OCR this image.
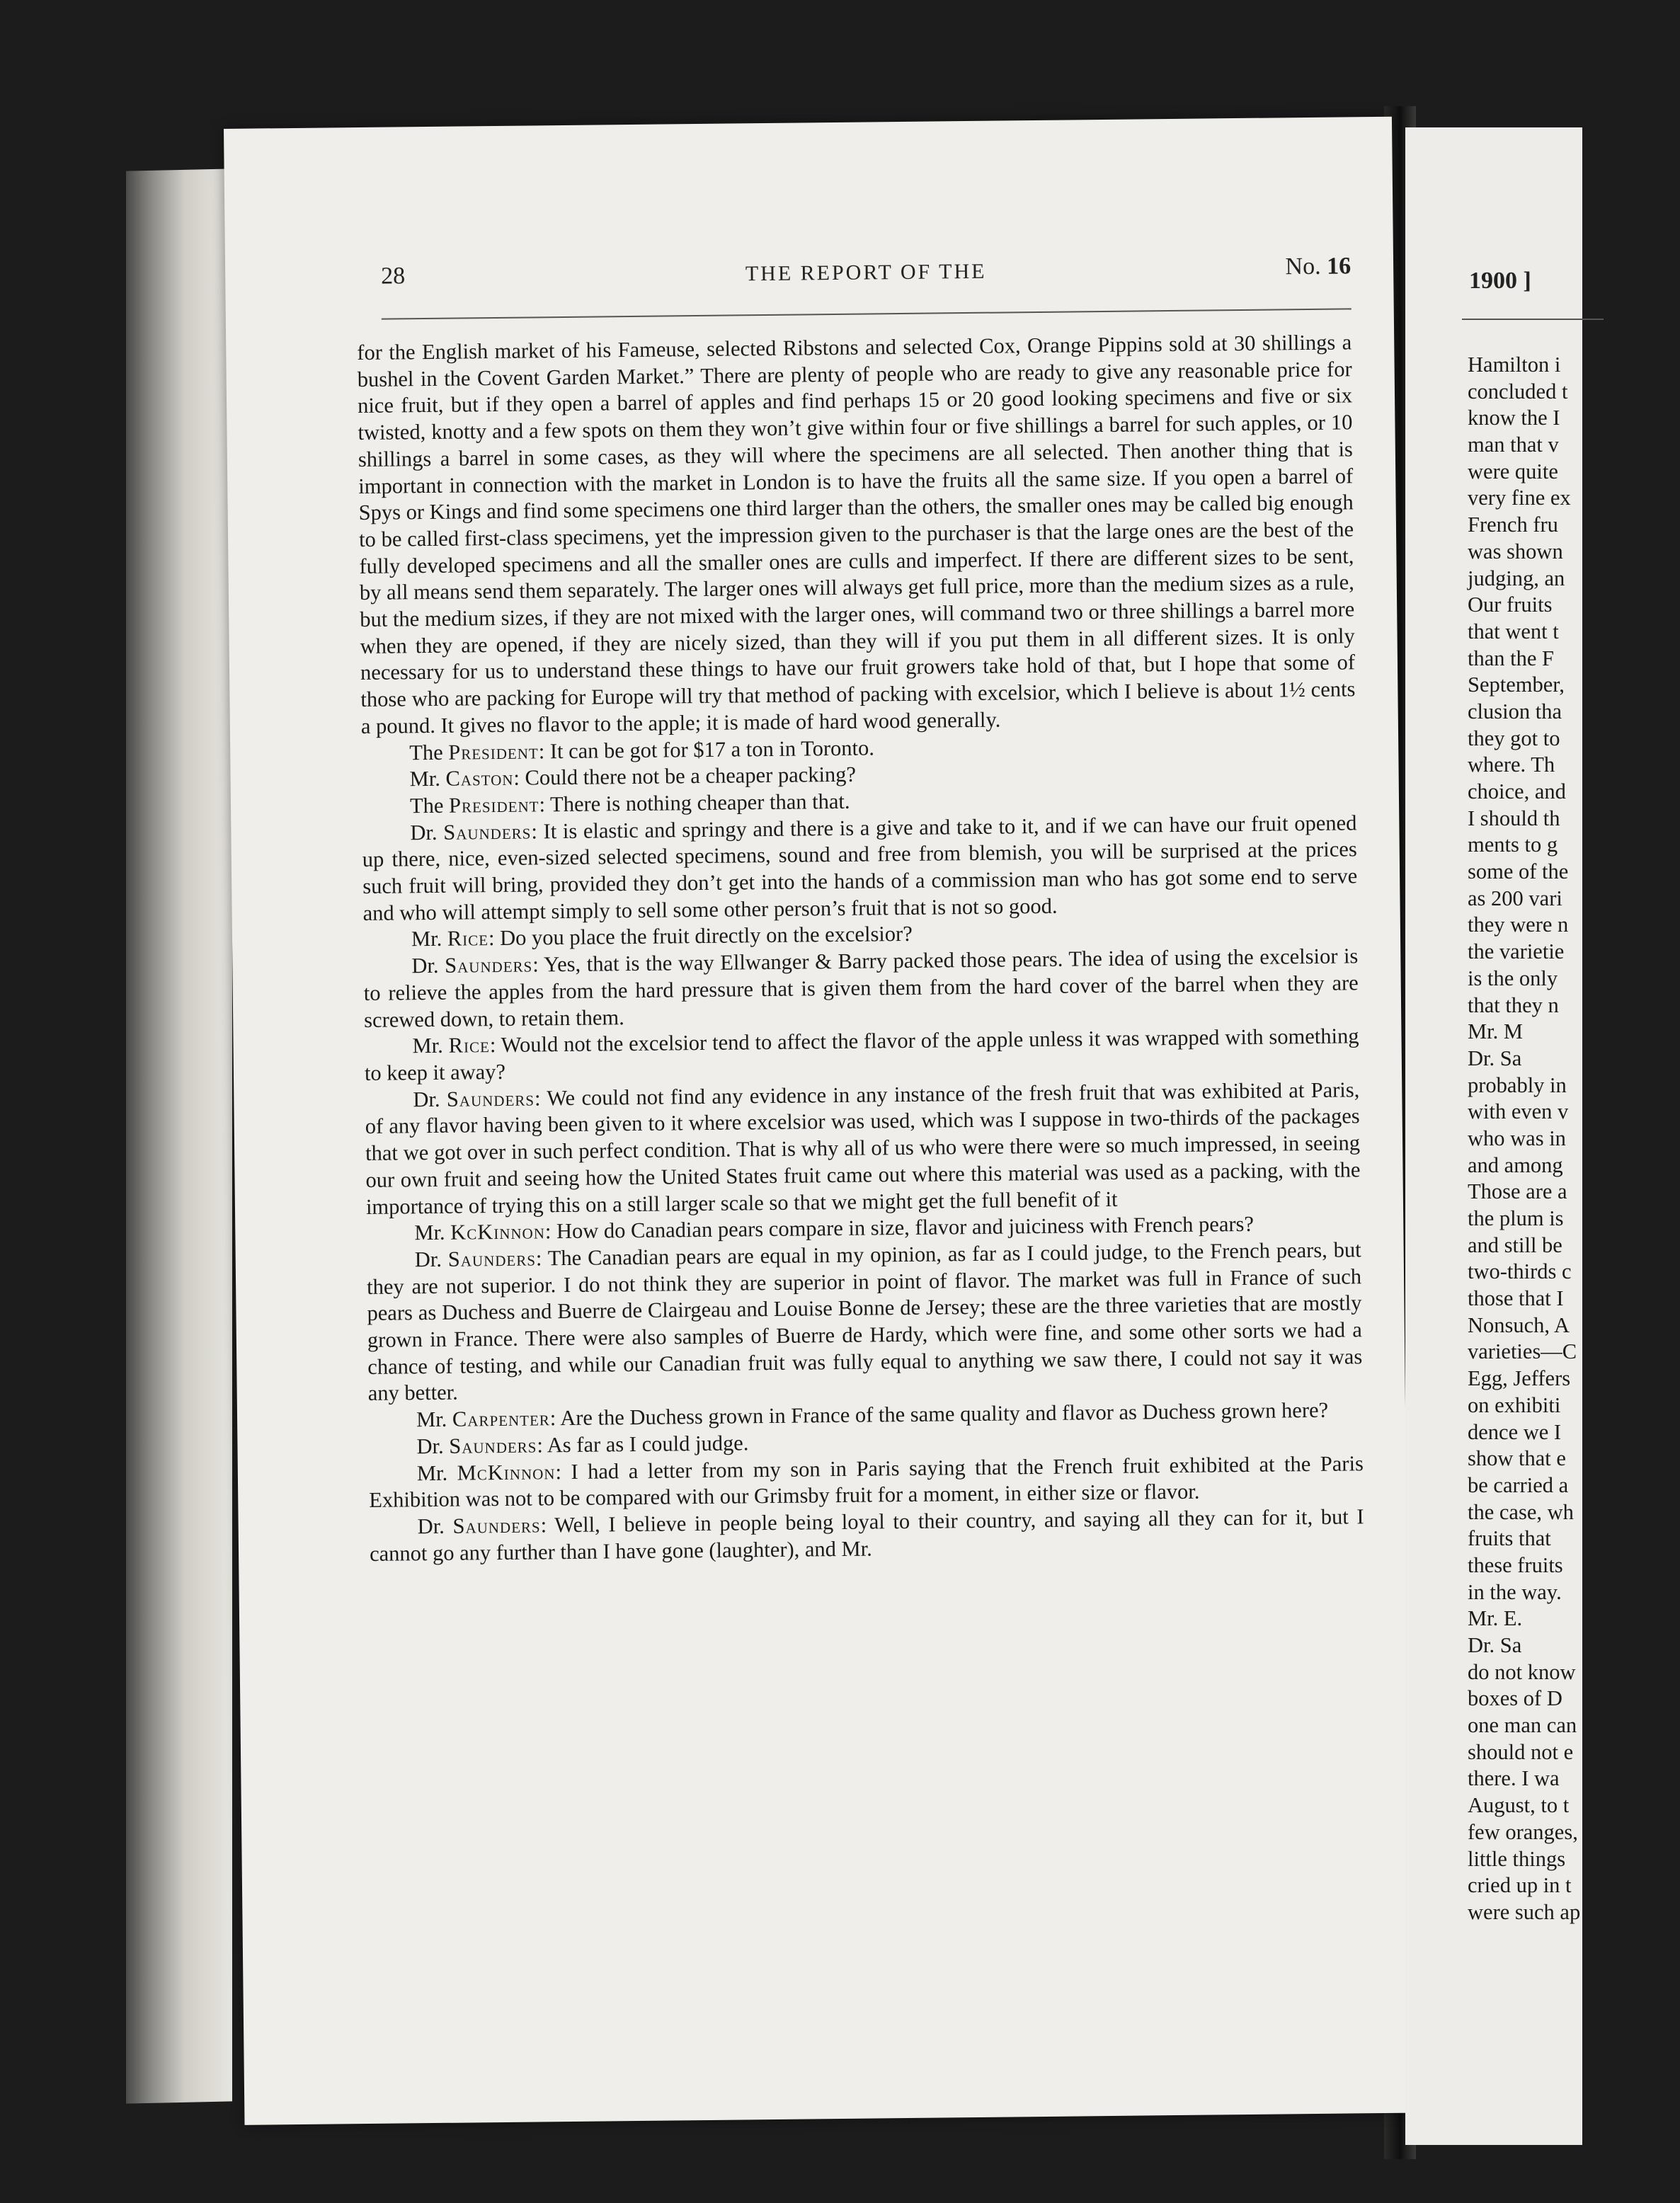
28	THE REPORT OF THE	No. 16

for the English market of his Fameuse, selected Ribstons and selected Cox, Orange Pippins sold at 30 shillings a bushel in the Covent Garden Market.” There are plenty of people who are ready to give any reasonable price for nice fruit, but if they open a barrel of apples and find perhaps 15 or 20 good looking specimens and five or six twisted, knotty and a few spots on them they won’t give within four or five shillings a barrel for such apples, or 10 shillings a barrel in some cases, as they will where the specimens are all selected. Then another thing that is important in connection with the market in London is to have the fruits all the same size. If you open a barrel of Spys or Kings and find some specimens one third larger than the others, the smaller ones may be called big enough to be called first-class specimens, yet the impression given to the purchaser is that the large ones are the best of the fully developed specimens and all the smaller ones are culls and imperfect. If there are different sizes to be sent, by all means send them separately. The larger ones will always get full price, more than the medium sizes as a rule, but the medium sizes, if they are not mixed with the larger ones, will command two or three shillings a barrel more when they are opened, if they are nicely sized, than they will if you put them in all different sizes. It is only necessary for us to understand these things to have our fruit growers take hold of that, but I hope that some of those who are packing for Europe will try that method of packing with excelsior, which I believe is about 1½ cents a pound. It gives no flavor to the apple; it is made of hard wood generally.

The President: It can be got for $17 a ton in Toronto.

Mr. Caston: Could there not be a cheaper packing?

The President: There is nothing cheaper than that.

Dr. Saunders: It is elastic and springy and there is a give and take to it, and if we can have our fruit opened up there, nice, even-sized selected specimens, sound and free from blemish, you will be surprised at the prices such fruit will bring, provided they don’t get into the hands of a commission man who has got some end to serve and who will attempt simply to sell some other person’s fruit that is not so good.

Mr. Rice: Do you place the fruit directly on the excelsior?

Dr. Saunders: Yes, that is the way Ellwanger & Barry packed those pears. The idea of using the excelsior is to relieve the apples from the hard pressure that is given them from the hard cover of the barrel when they are screwed down, to retain them.

Mr. Rice: Would not the excelsior tend to affect the flavor of the apple unless it was wrapped with something to keep it away?

Dr. Saunders: We could not find any evidence in any instance of the fresh fruit that was exhibited at Paris, of any flavor having been given to it where excelsior was used, which was I suppose in two-thirds of the packages that we got over in such perfect condition. That is why all of us who were there were so much impressed, in seeing our own fruit and seeing how the United States fruit came out where this material was used as a packing, with the importance of trying this on a still larger scale so that we might get the full benefit of it

Mr. KcKinnon: How do Canadian pears compare in size, flavor and juiciness with French pears?

Dr. Saunders: The Canadian pears are equal in my opinion, as far as I could judge, to the French pears, but they are not superior. I do not think they are superior in point of flavor. The market was full in France of such pears as Duchess and Buerre de Clairgeau and Louise Bonne de Jersey; these are the three varieties that are mostly grown in France. There were also samples of Buerre de Hardy, which were fine, and some other sorts we had a chance of testing, and while our Canadian fruit was fully equal to anything we saw there, I could not say it was any better.

Mr. Carpenter: Are the Duchess grown in France of the same quality and flavor as Duchess grown here?

Dr. Saunders: As far as I could judge.

Mr. McKinnon: I had a letter from my son in Paris saying that the French fruit exhibited at the Paris Exhibition was not to be compared with our Grimsby fruit for a moment, in either size or flavor.

Dr. Saunders: Well, I believe in people being loyal to their country, and saying all they can for it, but I cannot go any further than I have gone (laughter), and Mr.

1900 ]
Hamilton i
concluded t
know the I
man that v
were quite
very fine ex
French fru
was shown
judging, an
Our fruits
that went t
than the F
September,
clusion tha
they got to
where. Th
choice, and
I should th
ments to g
some of the
as 200 vari
they were n
the varietie
is the only
that they n
Mr. M
Dr. Sa
probably in
with even v
who was in
and among
Those are a
the plum is
and still be
two-thirds c
those that I
Nonsuch, A
varieties—C
Egg, Jeffers
on exhibiti
dence we I
show that e
be carried a
the case, wh
fruits that
these fruits
in the way.
Mr. E.
Dr. Sa
do not know
boxes of D
one man can
should not e
there. I wa
August, to t
few oranges,
little things
cried up in t
were such ap
